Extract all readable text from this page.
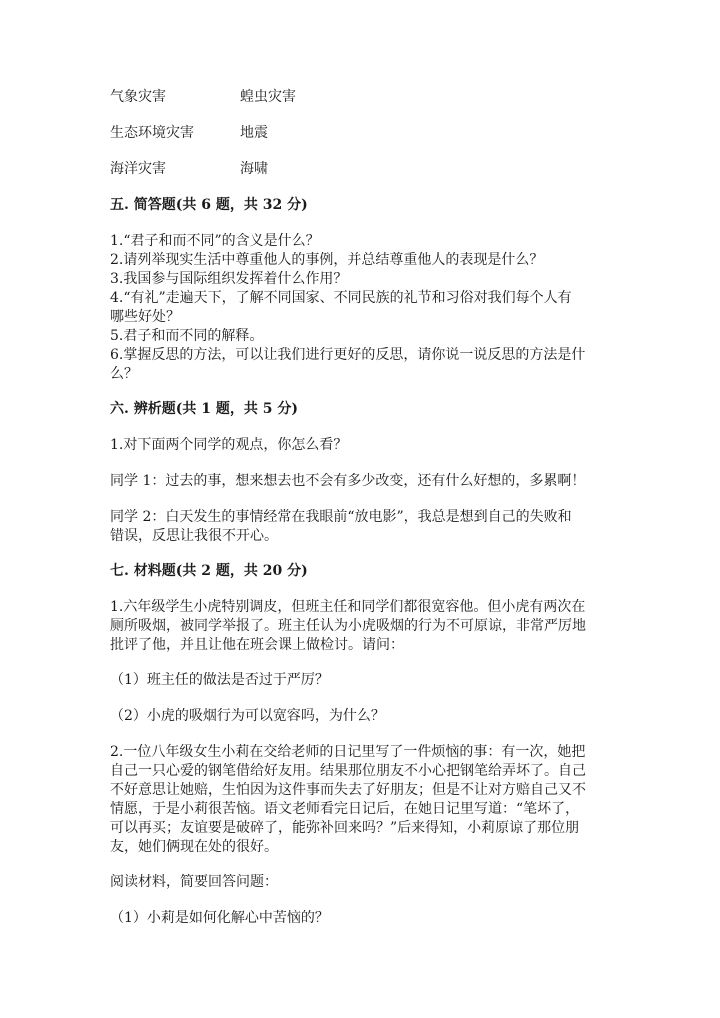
气象灾害	蝗虫灾害
生态环境灾害	地震
海洋灾害	海啸
五. 简答题(共 6 题，共 32 分)
1.“君子和而不同”的含义是什么？
2.请列举现实生活中尊重他人的事例，并总结尊重他人的表现是什么？
3.我国参与国际组织发挥着什么作用？
4.“有礼”走遍天下，了解不同国家、不同民族的礼节和习俗对我们每个人有
哪些好处？
5.君子和而不同的解释。
6.掌握反思的方法，可以让我们进行更好的反思，请你说一说反思的方法是什
么？
六. 辨析题(共 1 题，共 5 分)
1.对下面两个同学的观点，你怎么看？
同学 1：过去的事，想来想去也不会有多少改变，还有什么好想的，多累啊！
同学 2：白天发生的事情经常在我眼前“放电影”，我总是想到自己的失败和
错误，反思让我很不开心。
七. 材料题(共 2 题，共 20 分)
1.六年级学生小虎特别调皮，但班主任和同学们都很宽容他。但小虎有两次在
厕所吸烟，被同学举报了。班主任认为小虎吸烟的行为不可原谅，非常严厉地
批评了他，并且让他在班会课上做检讨。请问：
（1）班主任的做法是否过于严厉？
（2）小虎的吸烟行为可以宽容吗，为什么？
2.一位八年级女生小莉在交给老师的日记里写了一件烦恼的事：有一次，她把
自己一只心爱的钢笔借给好友用。结果那位朋友不小心把钢笔给弄坏了。自己
不好意思让她赔，生怕因为这件事而失去了好朋友；但是不让对方赔自己又不
情愿，于是小莉很苦恼。语文老师看完日记后，在她日记里写道：“笔坏了，
可以再买；友谊要是破碎了，能弥补回来吗？”后来得知，小莉原谅了那位朋
友，她们俩现在处的很好。
阅读材料，简要回答问题：
（1）小莉是如何化解心中苦恼的？
